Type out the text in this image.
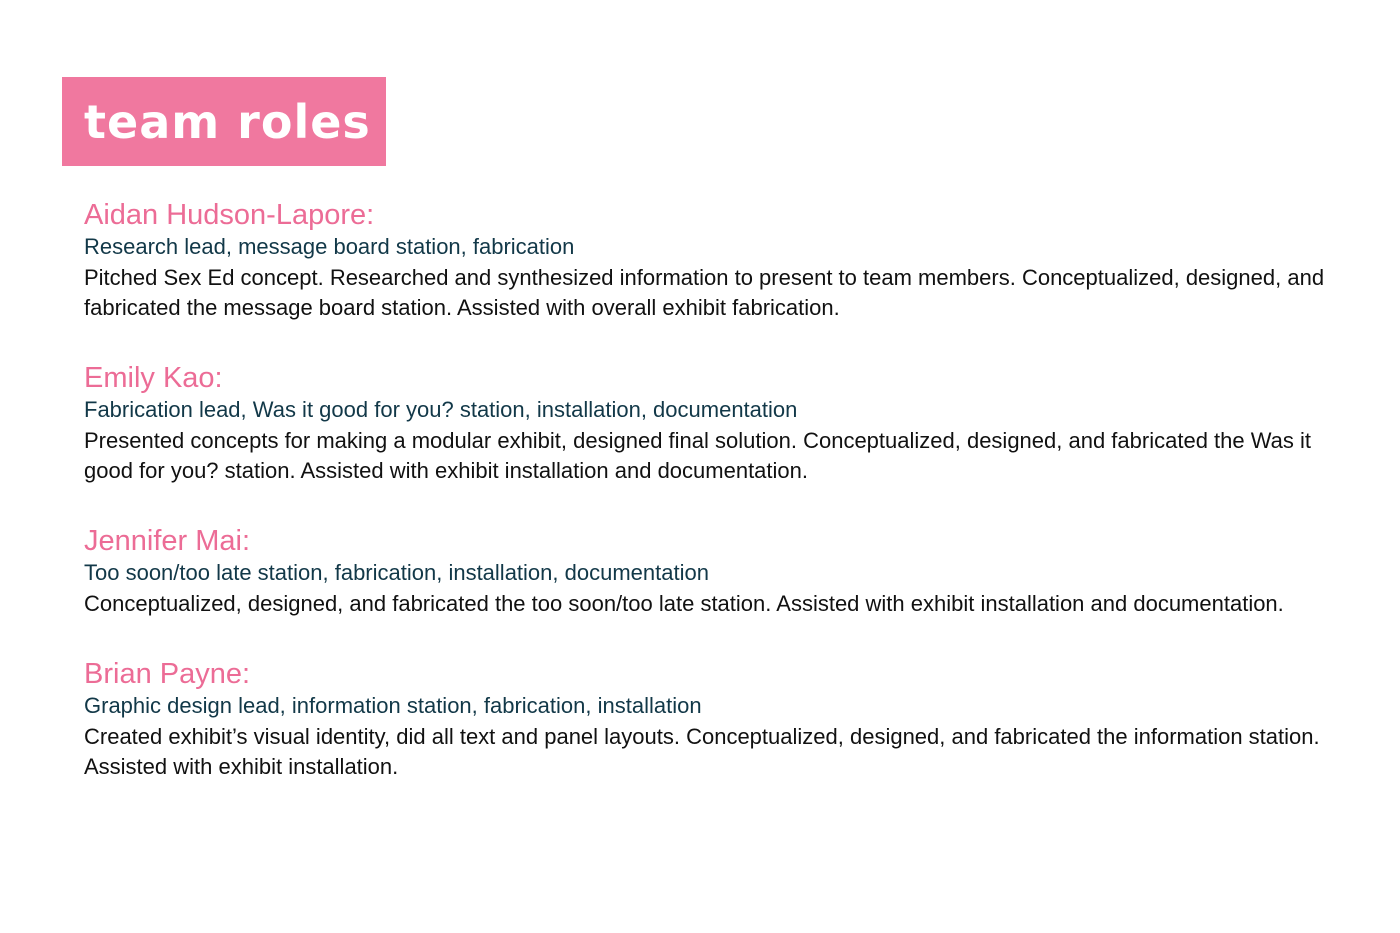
team roles
Aidan Hudson-Lapore:
Research lead, message board station, fabrication

Pitched Sex Ed concept. Researched and synthesized information to present to team members. Conceptualized, designed, and fabricated the message board station. Assisted with overall exhibit fabrication.

Emily Kao:
Fabrication lead, Was it good for you? station, installation, documentation

Presented concepts for making a modular exhibit, designed final solution. Conceptualized, designed, and fabricated the Was it good for you? station. Assisted with exhibit installation and documentation.

Jennifer Mai:
Too soon/too late station, fabrication, installation, documentation

Conceptualized, designed, and fabricated the too soon/too late station. Assisted with exhibit installation and documentation.

Brian Payne:
Graphic design lead, information station, fabrication, installation

Created exhibit’s visual identity, did all text and panel layouts. Conceptualized, designed, and fabricated the information station. Assisted with exhibit installation.
